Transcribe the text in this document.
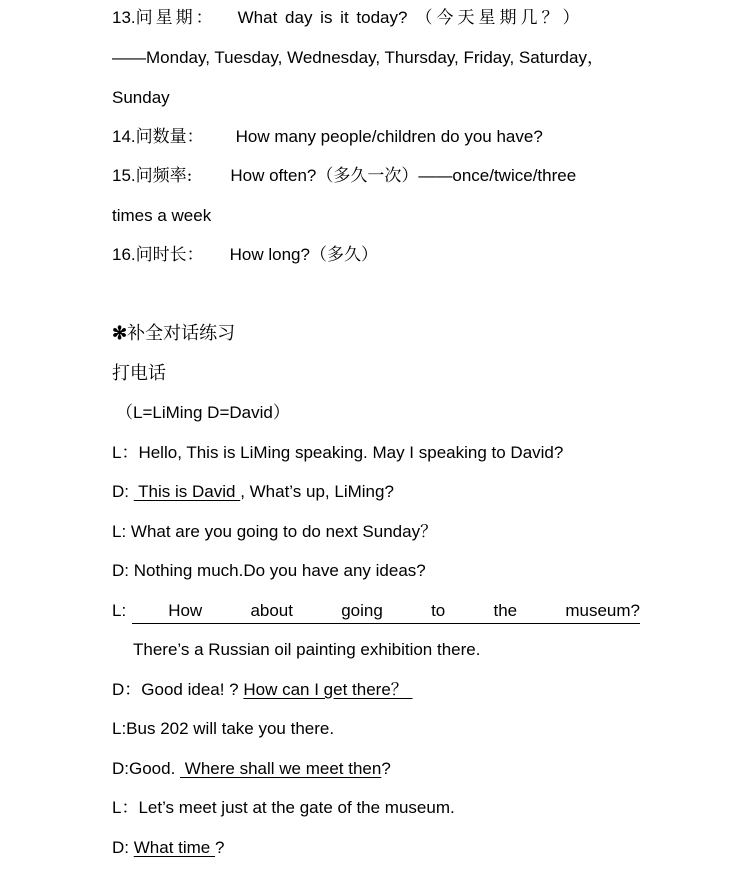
13.问星期： What day is it today? （今天星期几？）
——Monday, Tuesday, Wednesday, Thursday, Friday, Saturday，
Sunday
14.问数量： How many people/children do you have?
15.问频率: How often?（多久一次）——once/twice/three
times a week
16.问时长： How long?（多久）
✻补全对话练习
打电话
（L=LiMing D=David）
L：Hello, This is LiMing speaking. May I speaking to David?
D:  This is David , What’s up, LiMing?
L: What are you going to do next Sunday？
D: Nothing much.Do you have any ideas?
L: How	about	going	to	the	museum?
There’s a Russian oil painting exhibition there.
D：Good idea! ? How can I get there？
L:Bus 202 will take you there.
D:Good.  Where shall we meet then?
L：Let’s meet just at the gate of the museum.
D: What time ?
